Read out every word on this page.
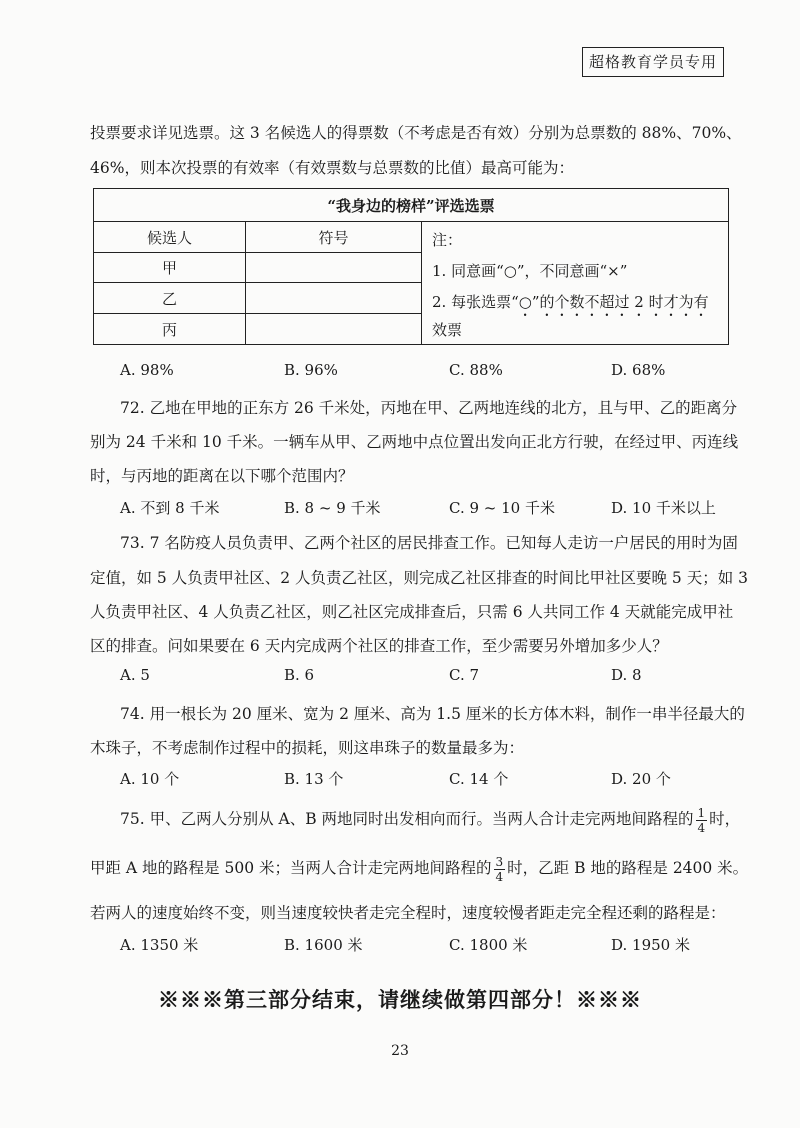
超格教育学员专用
投票要求详见选票。这 3 名候选人的得票数（不考虑是否有效）分别为总票数的 88%、70%、
46%，则本次投票的有效率（有效票数与总票数的比值）最高可能为：
“我身边的榜样”评选选票		
候选人	符号	注：
1. 同意画“○”，不同意画“×”
2. 每张选票“○”的个数不超过 2 时才为有
效票

甲		
乙		
丙		
A. 98%	B. 96%	C. 88%	D. 68%
72. 乙地在甲地的正东方 26 千米处，丙地在甲、乙两地连线的北方，且与甲、乙的距离分
别为 24 千米和 10 千米。一辆车从甲、乙两地中点位置出发向正北方行驶，在经过甲、丙连线
时，与丙地的距离在以下哪个范围内？
A. 不到 8 千米	B. 8 ~ 9 千米	C. 9 ~ 10 千米	D. 10 千米以上
73. 7 名防疫人员负责甲、乙两个社区的居民排查工作。已知每人走访一户居民的用时为固
定值，如 5 人负责甲社区、2 人负责乙社区，则完成乙社区排查的时间比甲社区要晚 5 天；如 3
人负责甲社区、4 人负责乙社区，则乙社区完成排查后，只需 6 人共同工作 4 天就能完成甲社
区的排查。问如果要在 6 天内完成两个社区的排查工作，至少需要另外增加多少人？
A. 5	B. 6	C. 7	D. 8
74. 用一根长为 20 厘米、宽为 2 厘米、高为 1.5 厘米的长方体木料，制作一串半径最大的
木珠子，不考虑制作过程中的损耗，则这串珠子的数量最多为：
A. 10 个	B. 13 个	C. 14 个	D. 20 个
75. 甲、乙两人分别从 A、B 两地同时出发相向而行。当两人合计走完两地间路程的 $\frac{1}{4}$ 时，
甲距 A 地的路程是 500 米；当两人合计走完两地间路程的 $\frac{3}{4}$ 时，乙距 B 地的路程是 2400 米。
若两人的速度始终不变，则当速度较快者走完全程时，速度较慢者距走完全程还剩的路程是：
A. 1350 米	B. 1600 米	C. 1800 米	D. 1950 米
※※※第三部分结束，请继续做第四部分！※※※
23
